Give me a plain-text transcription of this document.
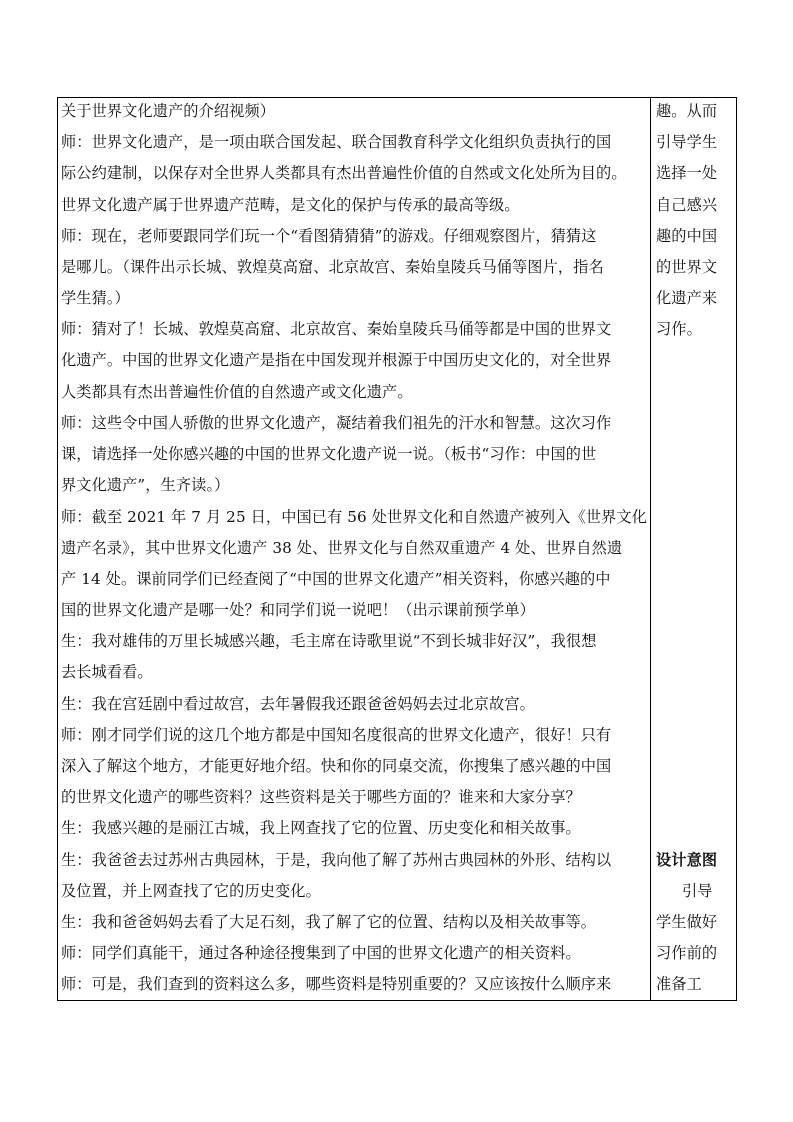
关于世界文化遗产的介绍视频）
师：世界文化遗产，是一项由联合国发起、联合国教育科学文化组织负责执行的国
际公约建制，以保存对全世界人类都具有杰出普遍性价值的自然或文化处所为目的。
世界文化遗产属于世界遗产范畴，是文化的保护与传承的最高等级。
师：现在，老师要跟同学们玩一个“看图猜猜猜”的游戏。仔细观察图片，猜猜这
是哪儿。（课件出示长城、敦煌莫高窟、北京故宫、秦始皇陵兵马俑等图片，指名
学生猜。）
师：猜对了！长城、敦煌莫高窟、北京故宫、秦始皇陵兵马俑等都是中国的世界文
化遗产。中国的世界文化遗产是指在中国发现并根源于中国历史文化的，对全世界
人类都具有杰出普遍性价值的自然遗产或文化遗产。
师：这些令中国人骄傲的世界文化遗产，凝结着我们祖先的汗水和智慧。这次习作
课，请选择一处你感兴趣的中国的世界文化遗产说一说。（板书“习作：中国的世
界文化遗产”，生齐读。）
师：截至 2021 年 7 月 25 日，中国已有 56 处世界文化和自然遗产被列入《世界文化
遗产名录》，其中世界文化遗产 38 处、世界文化与自然双重遗产 4 处、世界自然遗
产 14 处。课前同学们已经查阅了“中国的世界文化遗产”相关资料，你感兴趣的中
国的世界文化遗产是哪一处？和同学们说一说吧！（出示课前预学单）
生：我对雄伟的万里长城感兴趣，毛主席在诗歌里说“不到长城非好汉”，我很想
去长城看看。
生：我在宫廷剧中看过故宫，去年暑假我还跟爸爸妈妈去过北京故宫。
师：刚才同学们说的这几个地方都是中国知名度很高的世界文化遗产，很好！只有
深入了解这个地方，才能更好地介绍。快和你的同桌交流，你搜集了感兴趣的中国
的世界文化遗产的哪些资料？这些资料是关于哪些方面的？谁来和大家分享？
生：我感兴趣的是丽江古城，我上网查找了它的位置、历史变化和相关故事。
生：我爸爸去过苏州古典园林，于是，我向他了解了苏州古典园林的外形、结构以
及位置，并上网查找了它的历史变化。
生：我和爸爸妈妈去看了大足石刻，我了解了它的位置、结构以及相关故事等。
师：同学们真能干，通过各种途径搜集到了中国的世界文化遗产的相关资料。
师：可是，我们查到的资料这么多，哪些资料是特别重要的？又应该按什么顺序来
趣。从而
引导学生
选择一处
自己感兴
趣的中国
的世界文
化遗产来
习作。
设计意图
引导
学生做好
习作前的
准备工
